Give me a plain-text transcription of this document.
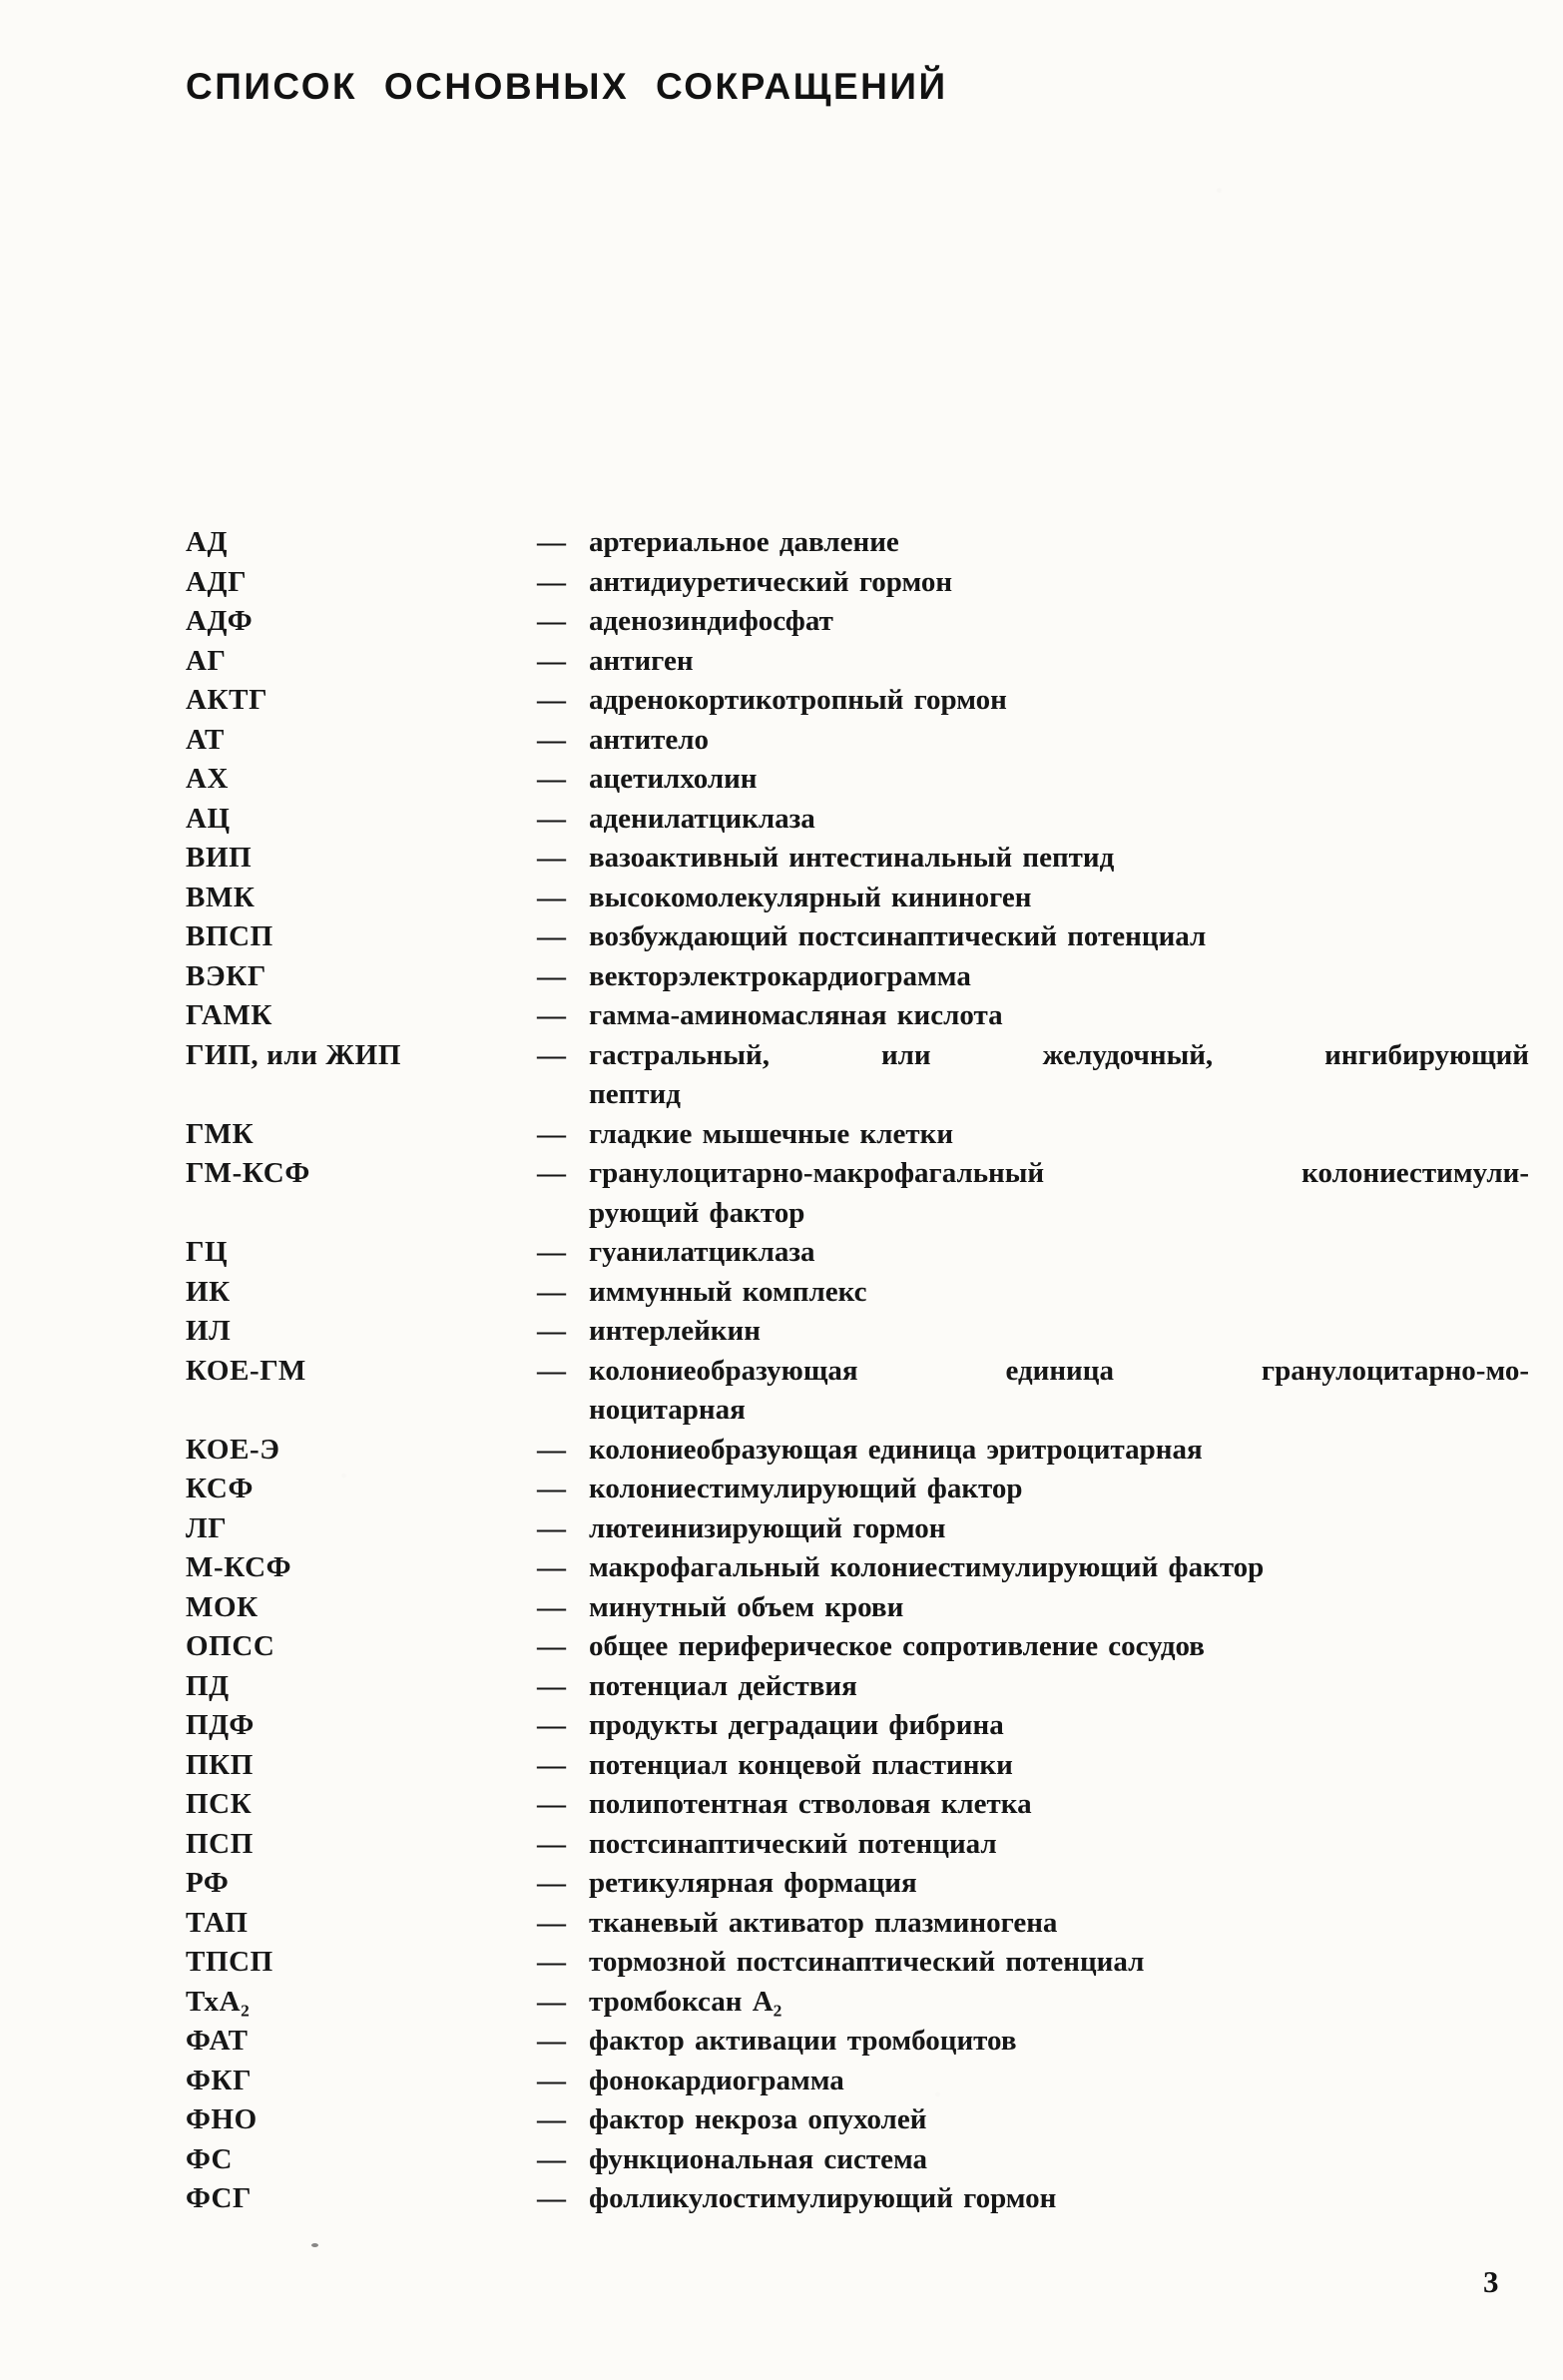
СПИСОК ОСНОВНЫХ СОКРАЩЕНИЙ
АД	— артериальное давление
АДГ	— антидиуретический гормон
АДФ	— аденозиндифосфат
АГ	— антиген
АКТГ	— адренокортикотропный гормон
АТ	— антитело
АХ	— ацетилхолин
АЦ	— аденилатциклаза
ВИП	— вазоактивный интестинальный пептид
ВМК	— высокомолекулярный кининоген
ВПСП	— возбуждающий постсинаптический потенциал
ВЭКГ	— векторэлектрокардиограмма
ГАМК	— гамма-аминомасляная кислота
ГИП, или ЖИП	— гастральный, или желудочный, ингибирующий
пептид
ГМК	— гладкие мышечные клетки
ГМ-КСФ	— гранулоцитарно-макрофагальный колониестимули-
рующий фактор
ГЦ	— гуанилатциклаза
ИК	— иммунный комплекс
ИЛ	— интерлейкин
КОЕ-ГМ	— колониеобразующая единица гранулоцитарно-мо-
ноцитарная
КОЕ-Э	— колониеобразующая единица эритроцитарная
КСФ	— колониестимулирующий фактор
ЛГ	— лютеинизирующий гормон
М-КСФ	— макрофагальный колониестимулирующий фактор
МОК	— минутный объем крови
ОПСС	— общее периферическое сопротивление сосудов
ПД	— потенциал действия
ПДФ	— продукты деградации фибрина
ПКП	— потенциал концевой пластинки
ПСК	— полипотентная стволовая клетка
ПСП	— постсинаптический потенциал
РФ	— ретикулярная формация
ТАП	— тканевый активатор плазминогена
ТПСП	— тормозной постсинаптический потенциал
ТхА₂	— тромбоксан А₂
ФАТ	— фактор активации тромбоцитов
ФКГ	— фонокардиограмма
ФНО	— фактор некроза опухолей
ФС	— функциональная система
ФСГ	— фолликулостимулирующий гормон
3
